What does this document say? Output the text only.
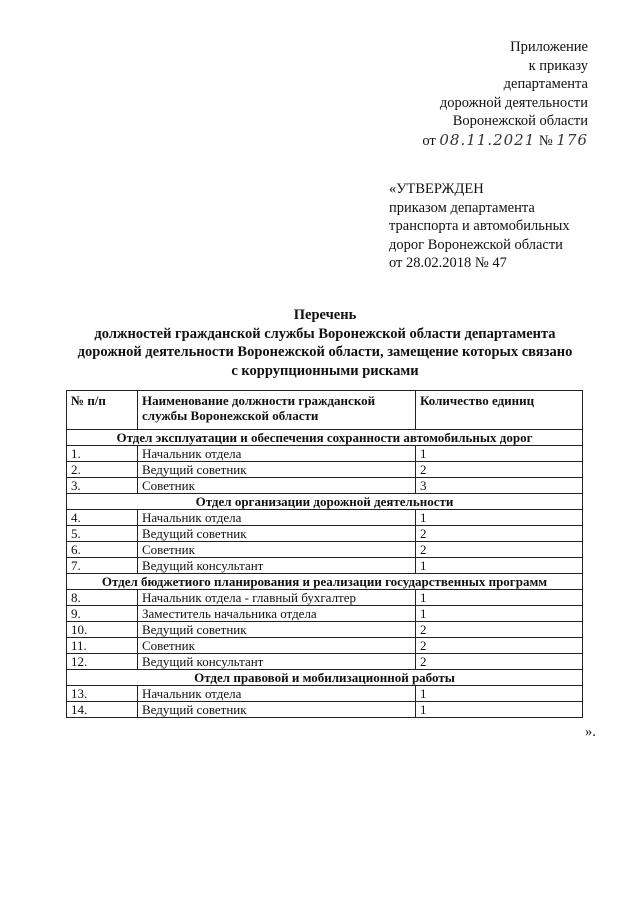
Приложение
к приказу
департамента
дорожной деятельности
Воронежской области
от 08.11.2021 № 176
«УТВЕРЖДЕН
приказом департамента
транспорта и автомобильных
дорог Воронежской области
от 28.02.2018 № 47
Перечень
должностей гражданской службы Воронежской области департамента
дорожной деятельности Воронежской области, замещение которых связано
с коррупционными рисками
№ п/п	Наименование должности гражданской службы Воронежской области	Количество единиц
Отдел эксплуатации и обеспечения сохранности автомобильных дорог		
1.	Начальник отдела	1
2.	Ведущий советник	2
3.	Советник	3
Отдел организации дорожной деятельности		
4.	Начальник отдела	1
5.	Ведущий советник	2
6.	Советник	2
7.	Ведущий консультант	1
Отдел бюджетиого планирования и реализации государственных программ		
8.	Начальник отдела - главный бухгалтер	1
9.	Заместитель начальника отдела	1
10.	Ведущий советник	2
11.	Советник	2
12.	Ведущий консультант	2
Отдел правовой и мобилизационной работы		
13.	Начальник отдела	1
14.	Ведущий советник	1
».
